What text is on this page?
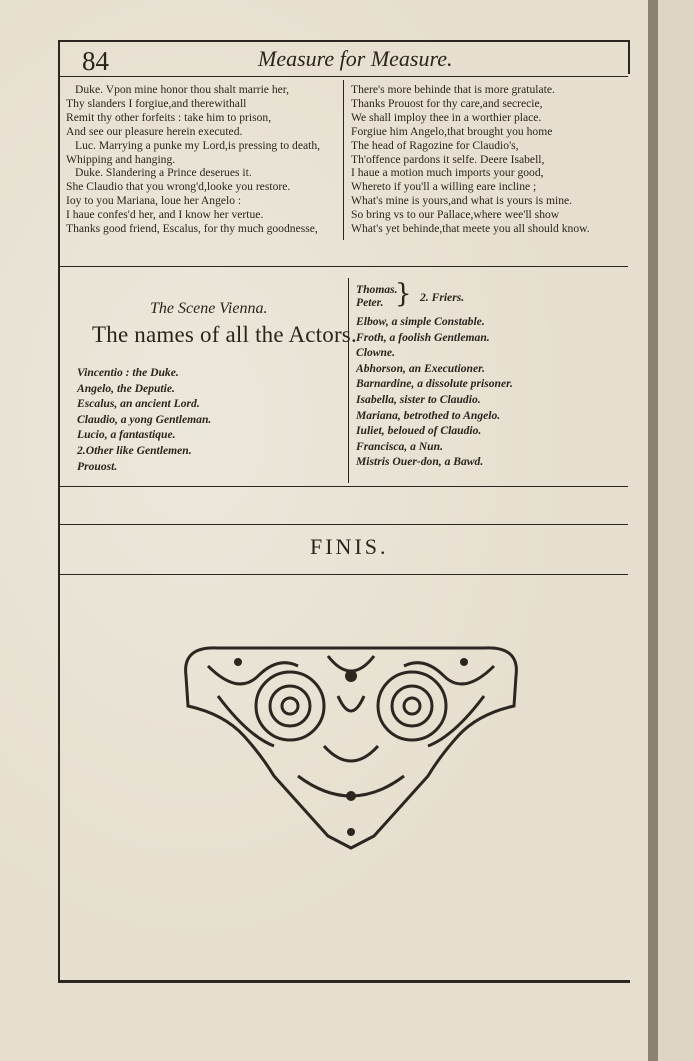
84	Measure for Measure.
Duke. Vpon mine honor thou shalt marrie her,
Thy slanders I forgiue,and therewithall
Remit thy other forfeits : take him to prison,
And see our pleasure herein executed.
Luc. Marrying a punke my Lord,is pressing to death,
Whipping and hanging.
Duke. Slandering a Prince deserues it.
She Claudio that you wrong'd,looke you restore.
Ioy to you Mariana, loue her Angelo :
I haue confes'd her, and I know her vertue.
Thanks good friend, Escalus, for thy much goodnesse,
There's more behinde that is more gratulate.
Thanks Prouost for thy care,and secrecie,
We shall imploy thee in a worthier place.
Forgiue him Angelo,that brought you home
The head of Ragozine for Claudio's,
Th'offence pardons it selfe. Deere Isabell,
I haue a motion much imports your good,
Whereto if you'll a willing eare incline ;
What's mine is yours,and what is yours is mine.
So bring vs to our Pallace,where wee'll show
What's yet behinde,that meete you all should know.
The Scene Vienna.
The names of all the Actors.
Vincentio : the Duke.
Angelo, the Deputie.
Escalus, an ancient Lord.
Claudio, a yong Gentleman.
Lucio, a fantastique.
2.Other like Gentlemen.
Prouost.
Thomas.
Peter. } 2. Friers.
Elbow, a simple Constable.
Froth, a foolish Gentleman.
Clowne.
Abhorson, an Executioner.
Barnardine, a dissolute prisoner.
Isabella, sister to Claudio.
Mariana, betrothed to Angelo.
Iuliet, beloued of Claudio.
Francisca, a Nun.
Mistris Ouer-don, a Bawd.
FINIS.
